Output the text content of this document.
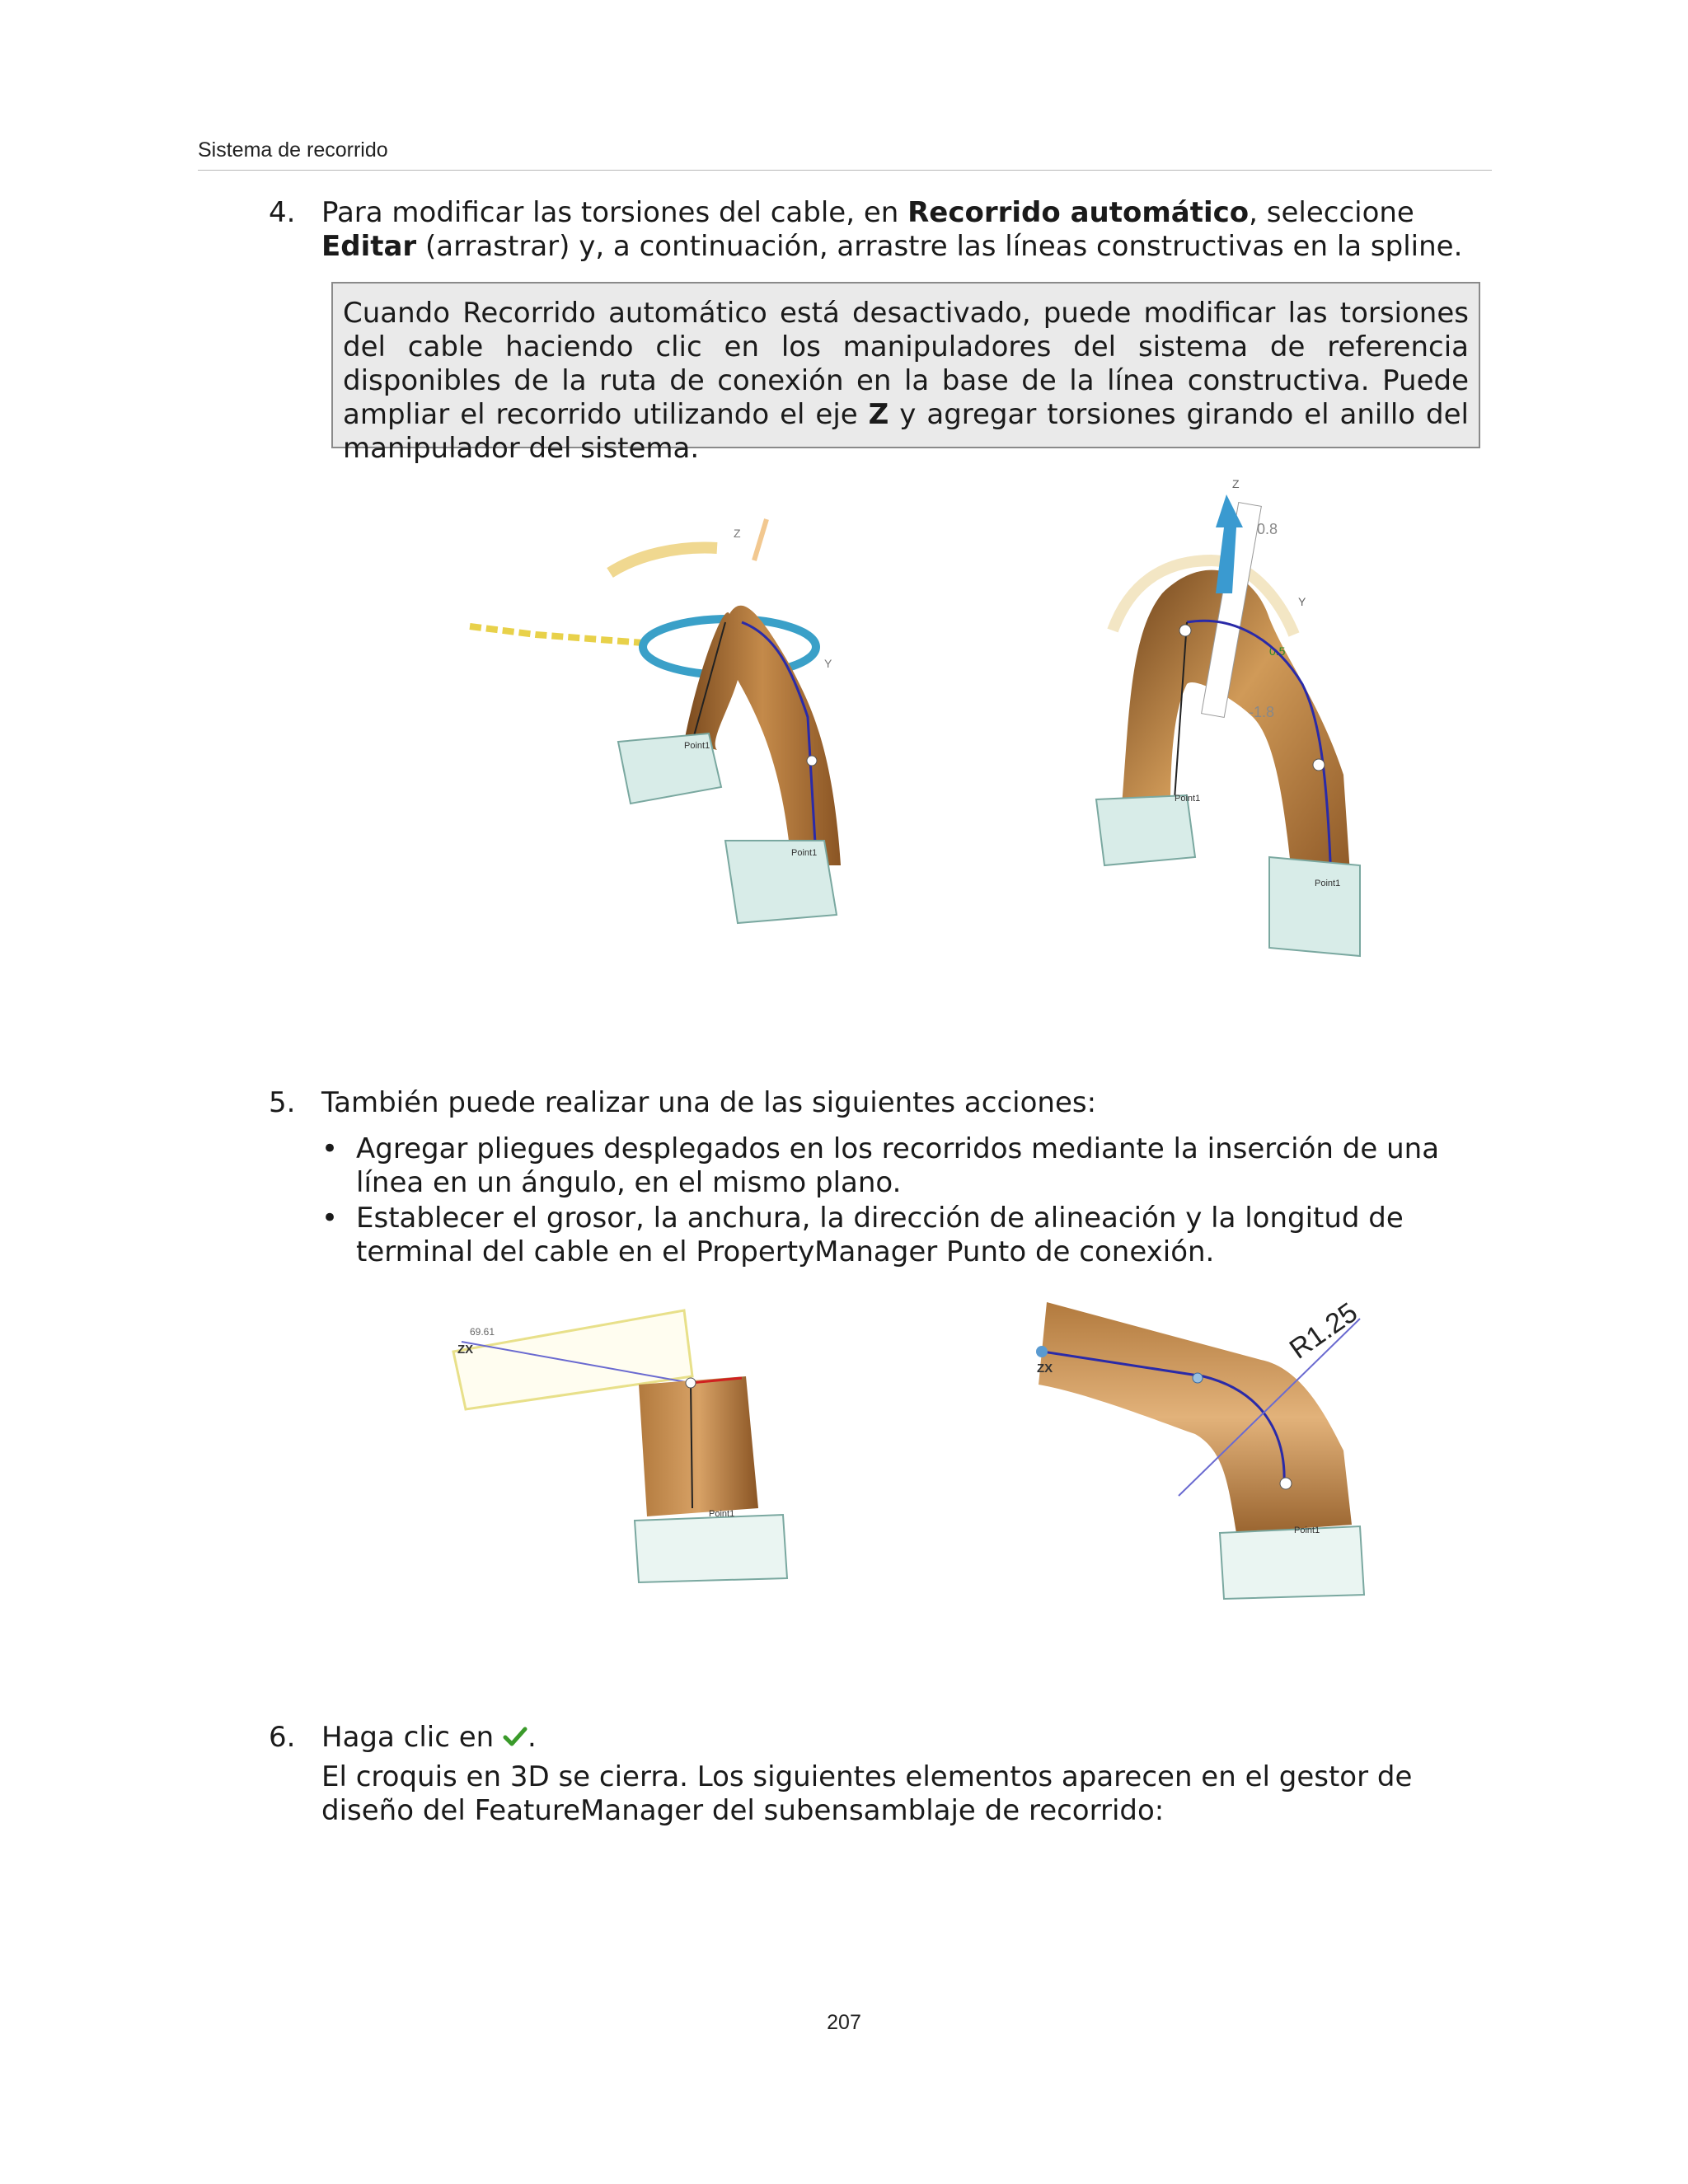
Sistema de recorrido
4. Para modificar las torsiones del cable, en Recorrido automático, seleccione Editar (arrastrar) y, a continuación, arrastre las líneas constructivas en la spline.
Cuando Recorrido automático está desactivado, puede modificar las torsiones del cable haciendo clic en los manipuladores del sistema de referencia disponibles de la ruta de conexión en la base de la línea constructiva. Puede ampliar el recorrido utilizando el eje Z y agregar torsiones girando el anillo del manipulador del sistema.
Z
Y
Point1
Point1
0.8
-1.8
Z
Y
0.5
Point1
Point1
5. También puede realizar una de las siguientes acciones:
• Agregar pliegues desplegados en los recorridos mediante la inserción de una línea en un ángulo, en el mismo plano.
• Establecer el grosor, la anchura, la dirección de alineación y la longitud de terminal del cable en el PropertyManager Punto de conexión.
69.61
ZX
Point1
R1.25
ZX
Point1
6. Haga clic en .
El croquis en 3D se cierra. Los siguientes elementos aparecen en el gestor de diseño del FeatureManager del subensamblaje de recorrido:
207
